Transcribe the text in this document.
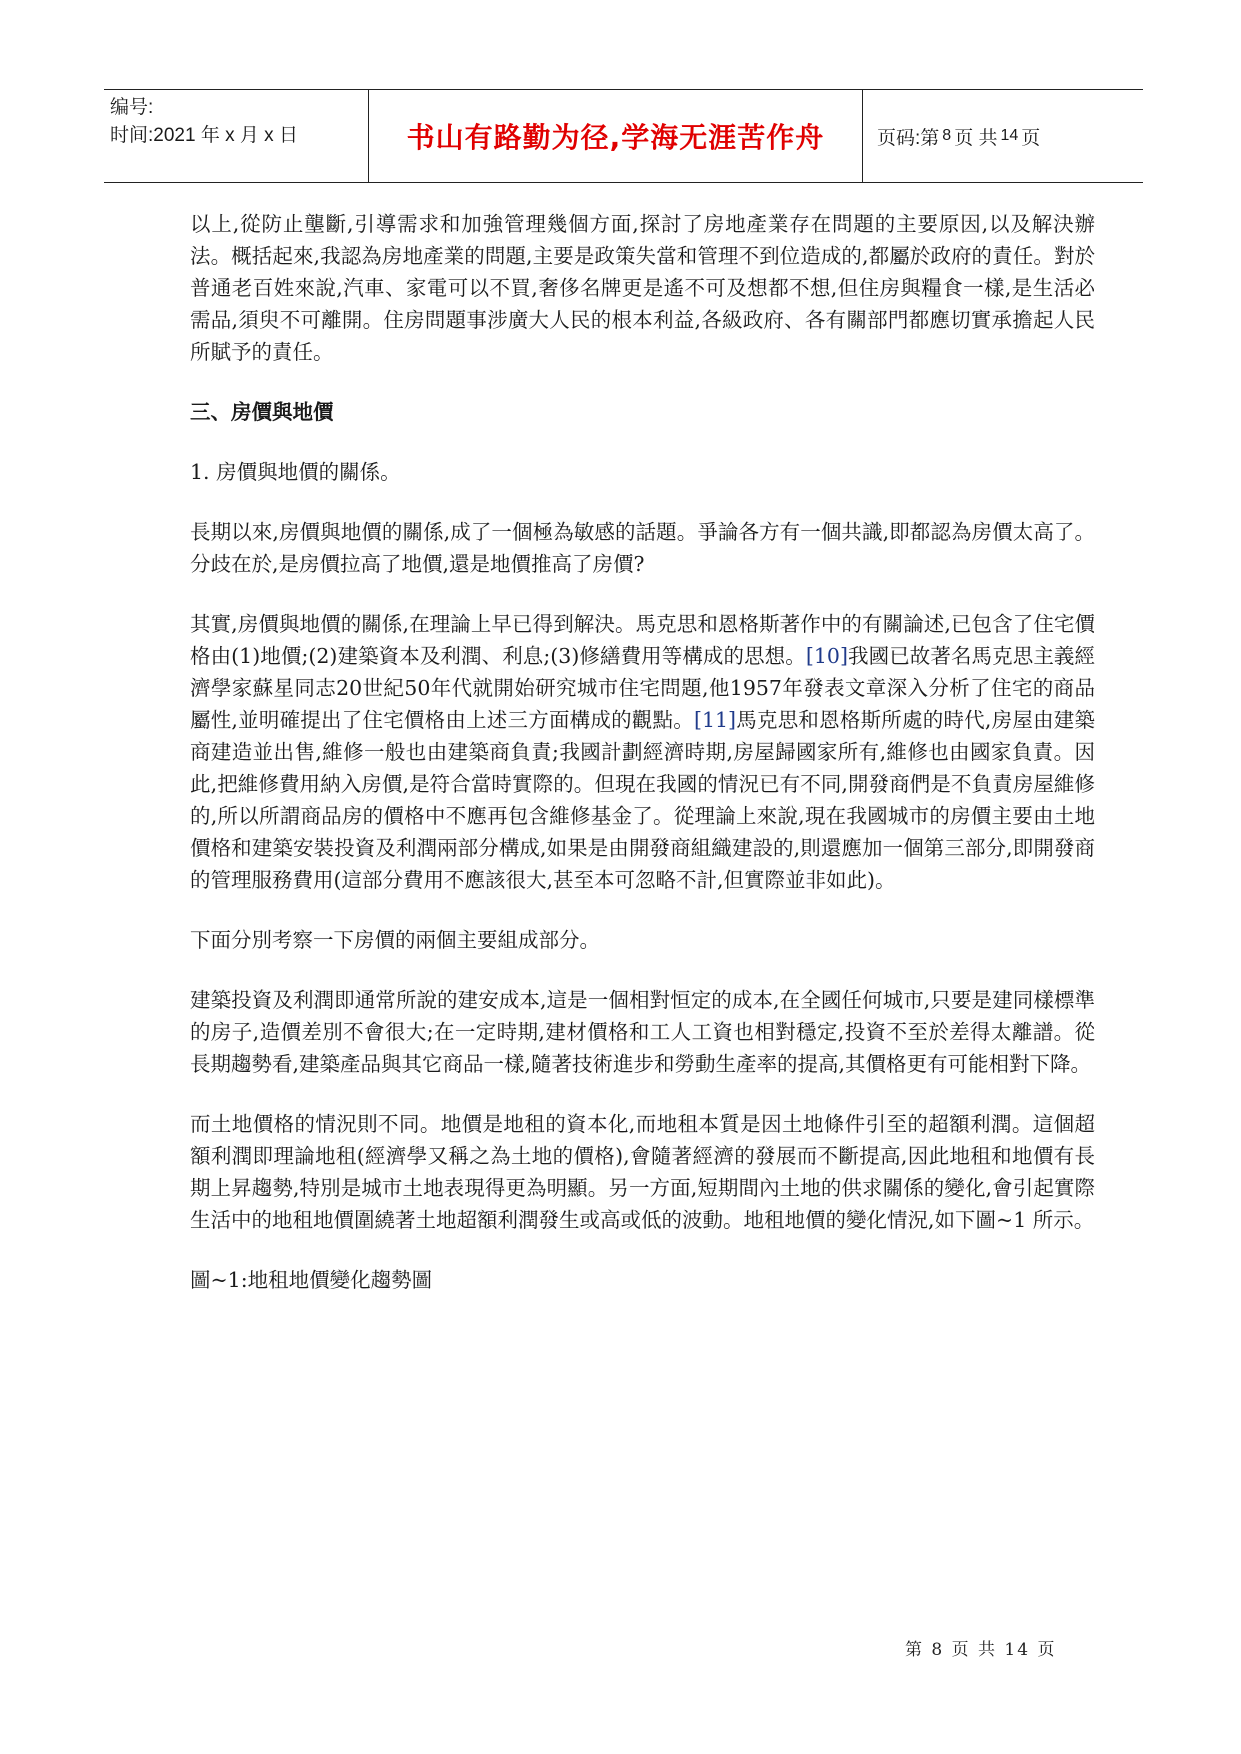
编号:
时间:2021 年 x 月 x 日	书山有路勤为径,学海无涯苦作舟	页码:第 8 页 共 14 页

以上,從防止壟斷,引導需求和加強管理幾個方面,探討了房地產業存在問題的主要原因,以及解決辦法。概括起來,我認為房地產業的問題,主要是政策失當和管理不到位造成的,都屬於政府的責任。對於普通老百姓來說,汽車、家電可以不買,奢侈名牌更是遙不可及想都不想,但住房與糧食一樣,是生活必需品,須臾不可離開。住房問題事涉廣大人民的根本利益,各級政府、各有關部門都應切實承擔起人民所賦予的責任。

三、房價與地價

1. 房價與地價的關係。

長期以來,房價與地價的關係,成了一個極為敏感的話題。爭論各方有一個共識,即都認為房價太高了。分歧在於,是房價拉高了地價,還是地價推高了房價?

其實,房價與地價的關係,在理論上早已得到解決。馬克思和恩格斯著作中的有關論述,已包含了住宅價格由(1)地價;(2)建築資本及利潤、利息;(3)修繕費用等構成的思想。[10]我國已故著名馬克思主義經濟學家蘇星同志20世紀50年代就開始研究城市住宅問題,他1957年發表文章深入分析了住宅的商品屬性,並明確提出了住宅價格由上述三方面構成的觀點。[11]馬克思和恩格斯所處的時代,房屋由建築商建造並出售,維修一般也由建築商負責;我國計劃經濟時期,房屋歸國家所有,維修也由國家負責。因此,把維修費用納入房價,是符合當時實際的。但現在我國的情況已有不同,開發商們是不負責房屋維修的,所以所謂商品房的價格中不應再包含維修基金了。從理論上來說,現在我國城市的房價主要由土地價格和建築安裝投資及利潤兩部分構成,如果是由開發商組織建設的,則還應加一個第三部分,即開發商的管理服務費用(這部分費用不應該很大,甚至本可忽略不計,但實際並非如此)。

下面分別考察一下房價的兩個主要組成部分。

建築投資及利潤即通常所說的建安成本,這是一個相對恒定的成本,在全國任何城市,只要是建同樣標準的房子,造價差別不會很大;在一定時期,建材價格和工人工資也相對穩定,投資不至於差得太離譜。從長期趨勢看,建築產品與其它商品一樣,隨著技術進步和勞動生產率的提高,其價格更有可能相對下降。

而土地價格的情況則不同。地價是地租的資本化,而地租本質是因土地條件引至的超額利潤。這個超額利潤即理論地租(經濟學又稱之為土地的價格),會隨著經濟的發展而不斷提高,因此地租和地價有長期上昇趨勢,特別是城市土地表現得更為明顯。另一方面,短期間內土地的供求關係的變化,會引起實際生活中的地租地價圍繞著土地超額利潤發生或高或低的波動。地租地價的變化情況,如下圖~1 所示。

圖~1:地租地價變化趨勢圖

第 8 页 共 14 页
